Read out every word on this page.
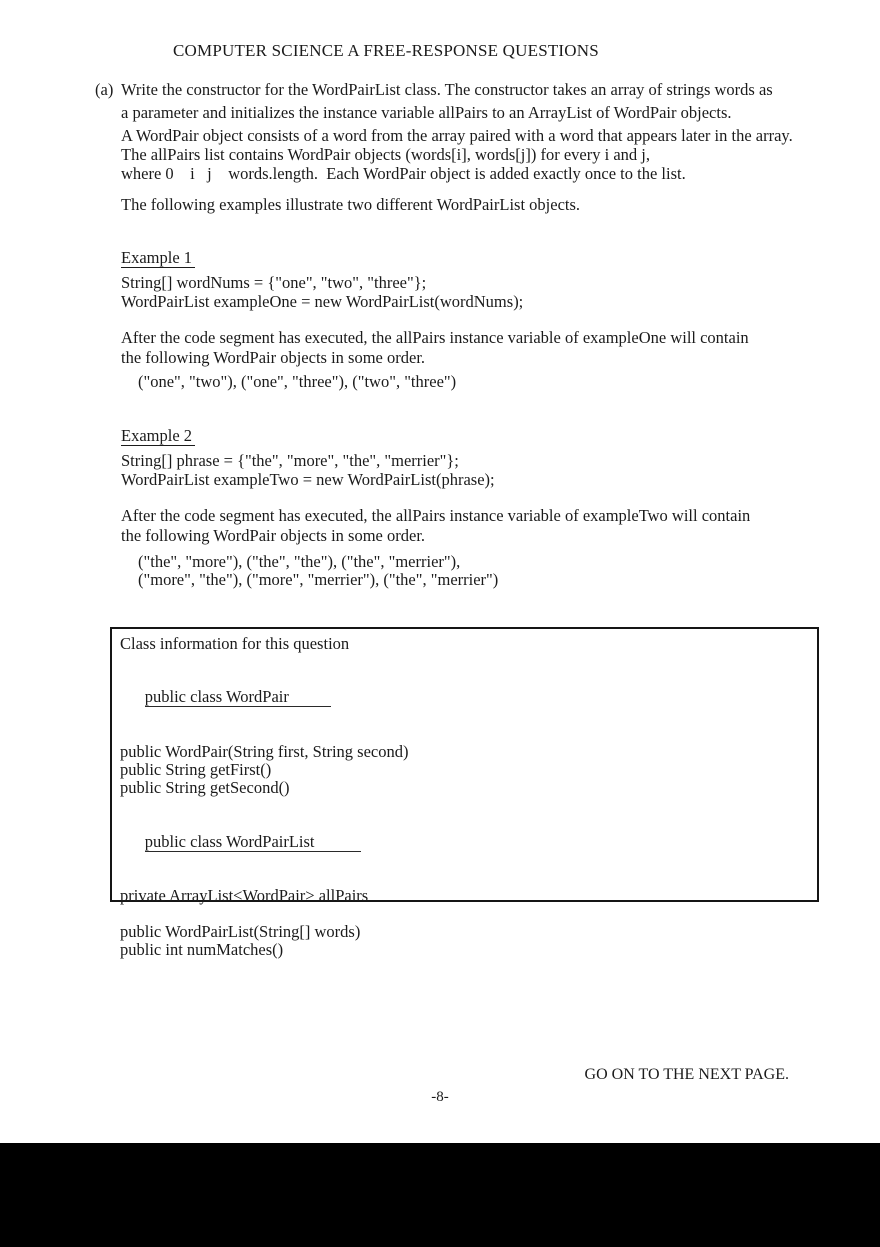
COMPUTER SCIENCE A FREE-RESPONSE QUESTIONS
(a) Write the constructor for the WordPairList class. The constructor takes an array of strings words as
a parameter and initializes the instance variable allPairs to an ArrayList of WordPair objects.
A WordPair object consists of a word from the array paired with a word that appears later in the array.
The allPairs list contains WordPair objects (words[i], words[j]) for every i and j,
where 0    i   j    words.length.  Each WordPair object is added exactly once to the list.
The following examples illustrate two different WordPairList objects.
Example 1
String[] wordNums = {"one", "two", "three"};
WordPairList exampleOne = new WordPairList(wordNums);
After the code segment has executed, the allPairs instance variable of exampleOne will contain
the following WordPair objects in some order.
("one", "two"), ("one", "three"), ("two", "three")
Example 2
String[] phrase = {"the", "more", "the", "merrier"};
WordPairList exampleTwo = new WordPairList(phrase);
After the code segment has executed, the allPairs instance variable of exampleTwo will contain
the following WordPair objects in some order.
("the", "more"), ("the", "the"), ("the", "merrier"),
("more", "the"), ("more", "merrier"), ("the", "merrier")
Class information for this question

public class WordPair

public WordPair(String first, String second)
public String getFirst()
public String getSecond()

public class WordPairList

private ArrayList<WordPair> allPairs
public WordPairList(String[] words)
public int numMatches()
GO ON TO THE NEXT PAGE.
-8-
